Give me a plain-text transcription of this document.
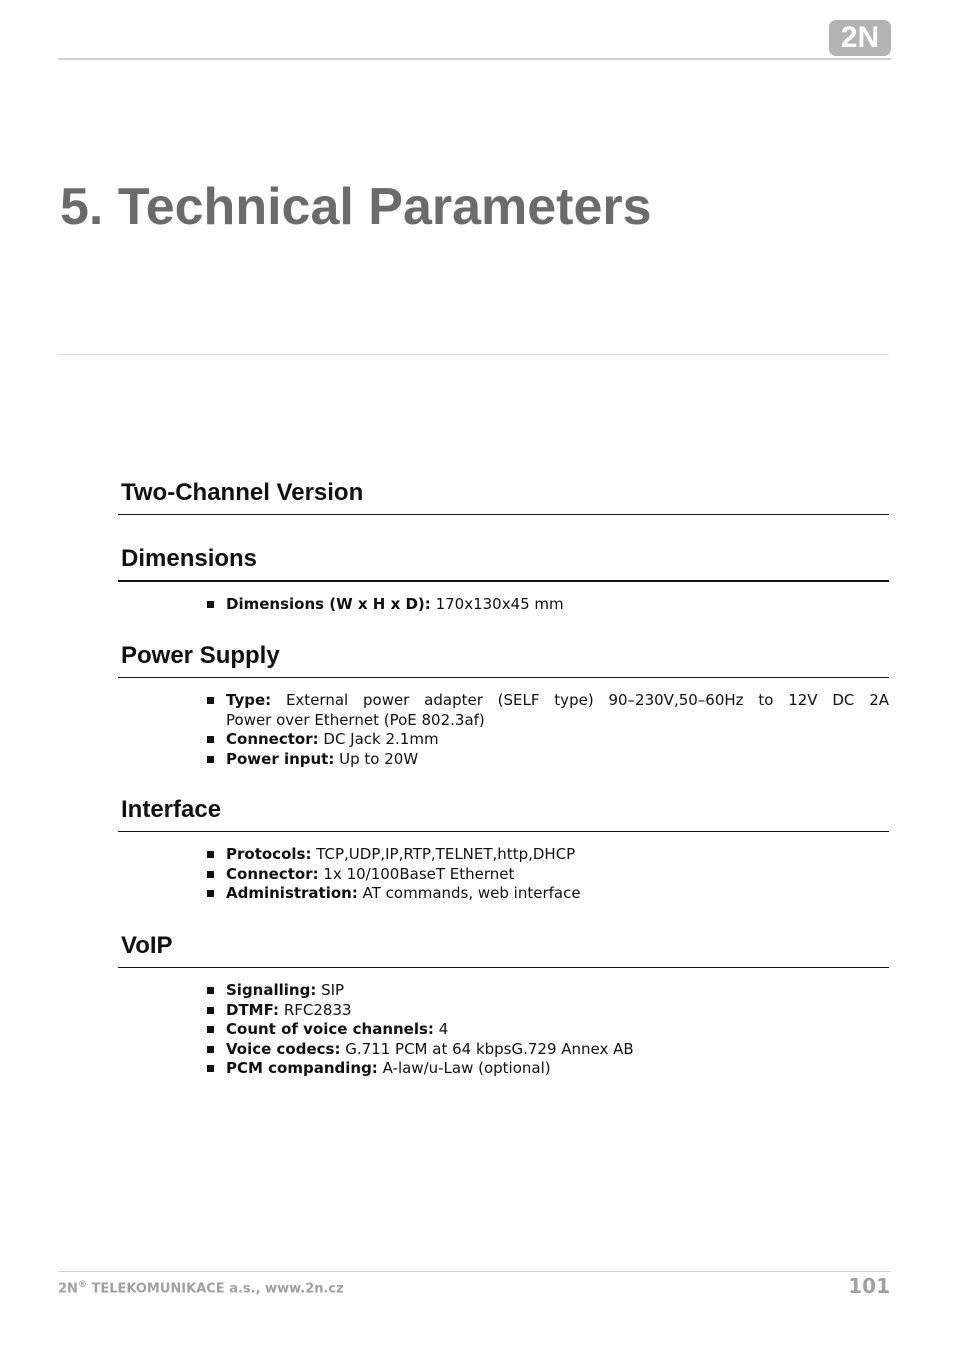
2N
5. Technical Parameters
Two-Channel Version
Dimensions
Dimensions (W x H x D): 170x130x45 mm
Power Supply
Type: External power adapter (SELF type) 90–230V,50–60Hz to 12V DC 2A
Power over Ethernet (PoE 802.3af)
Connector: DC Jack 2.1mm
Power input: Up to 20W
Interface
Protocols: TCP,UDP,IP,RTP,TELNET,http,DHCP
Connector: 1x 10/100BaseT Ethernet
Administration: AT commands, web interface
VoIP
Signalling: SIP
DTMF: RFC2833
Count of voice channels: 4
Voice codecs: G.711 PCM at 64 kbpsG.729 Annex AB
PCM companding: A-law/u-Law (optional)
2N® TELEKOMUNIKACE a.s., www.2n.cz	101
